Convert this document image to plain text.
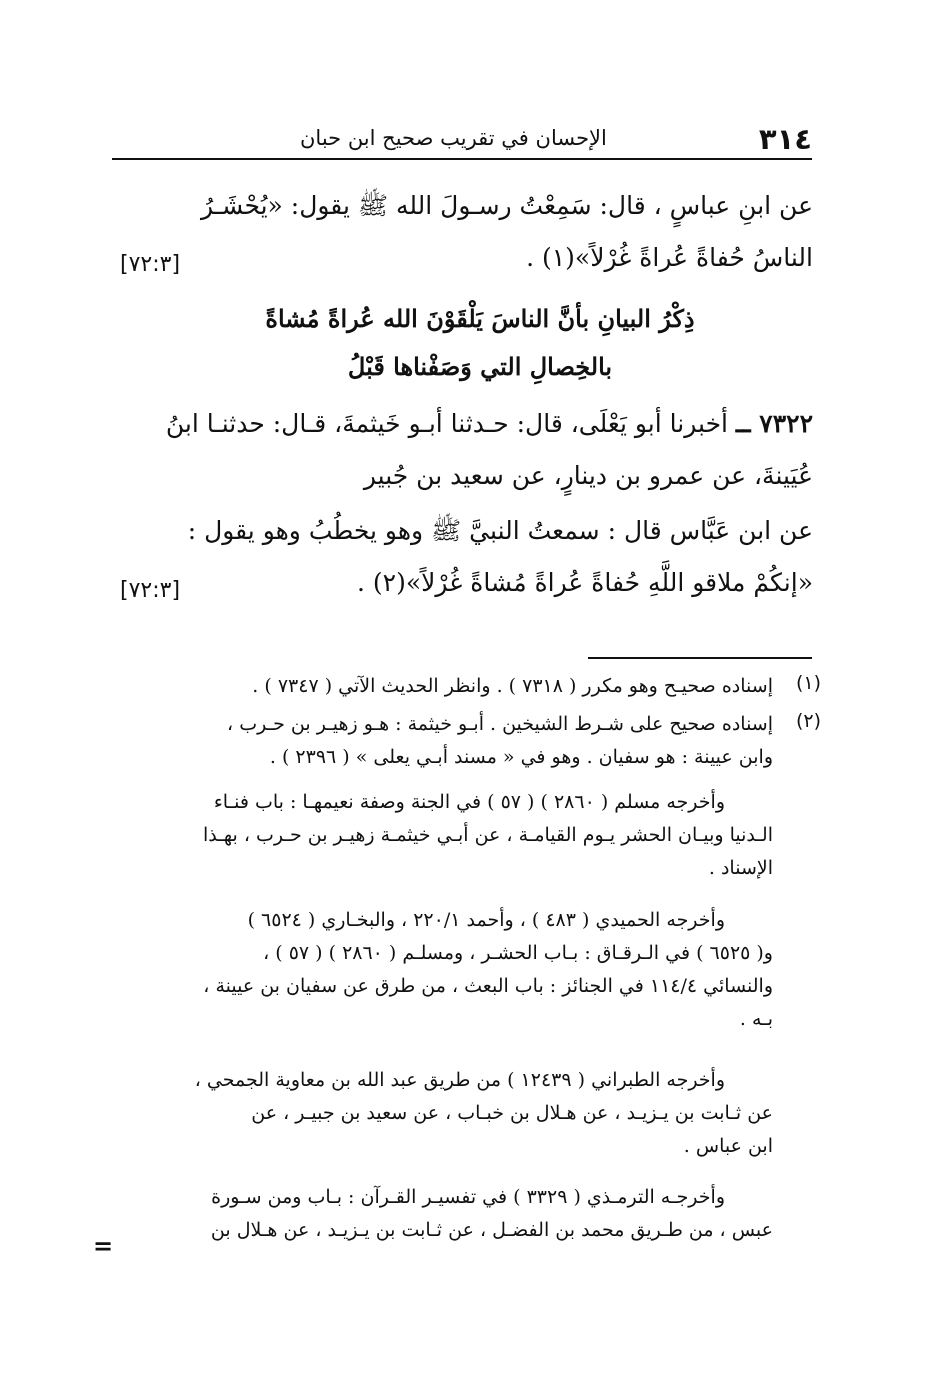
٣١٤
الإحسان في تقريب صحيح ابن حبان
عن ابنِ عباسٍ ، قال: سَمِعْتُ رسـولَ الله ﷺ يقول: «يُحْشَـرُ
الناسُ حُفاةً عُراةً غُرْلاً»(١) .
[٧٢:٣]
ذِكْرُ البيانِ بأنَّ الناسَ يَلْقَوْنَ الله عُراةً مُشاةً
بالخِصالِ التي وَصَفْناها قَبْلُ
٧٣٢٢ ــ أخبرنا أبو يَعْلَى، قال: حـدثنا أبـو خَيثمةَ، قـال: حدثنـا ابنُ
عُيَينةَ، عن عمرو بن دينارٍ، عن سعيد بن جُبير
عن ابن عَبَّاس قال : سمعتُ النبيَّ ﷺ وهو يخطُبُ وهو يقول :
«إنكُمْ ملاقو اللَّهِ حُفاةً عُراةً مُشاةً غُرْلاً»(٢) .
[٧٢:٣]
(١)
إسناده صحيـح وهو مكرر ( ٧٣١٨ ) . وانظر الحديث الآتي ( ٧٣٤٧ ) .
(٢)
إسناده صحيح على شـرط الشيخين . أبـو خيثمة : هـو زهيـر بن حـرب ،
وابن عيينة : هو سفيان . وهو في « مسند أبـي يعلى » ( ٢٣٩٦ ) .
وأخرجه مسلم ( ٢٨٦٠ ) ( ٥٧ ) في الجنة وصفة نعيمهـا : باب فنـاء
الـدنيا وبيـان الحشر يـوم القيامـة ، عن أبـي خيثمـة زهيـر بن حـرب ، بهـذا
الإسناد .
وأخرجه الحميدي ( ٤٨٣ ) ، وأحمد ٢٢٠/١ ، والبخـاري ( ٦٥٢٤ )
و( ٦٥٢٥ ) في الـرقـاق : بـاب الحشـر ، ومسلـم ( ٢٨٦٠ ) ( ٥٧ ) ،
والنسائي ١١٤/٤ في الجنائز : باب البعث ، من طرق عن سفيان بن عيينة ،
بـه .
وأخرجه الطبراني ( ١٢٤٣٩ ) من طريق عبد الله بن معاوية الجمحي ،
عن ثـابت بن يـزيـد ، عن هـلال بن خبـاب ، عن سعيد بن جبيـر ، عن
ابن عباس .
وأخرجـه الترمـذي ( ٣٣٢٩ ) في تفسيـر القـرآن : بـاب ومن سـورة
عبس ، من طـريق محمد بن الفضـل ، عن ثـابت بن يـزيـد ، عن هـلال بن
=
